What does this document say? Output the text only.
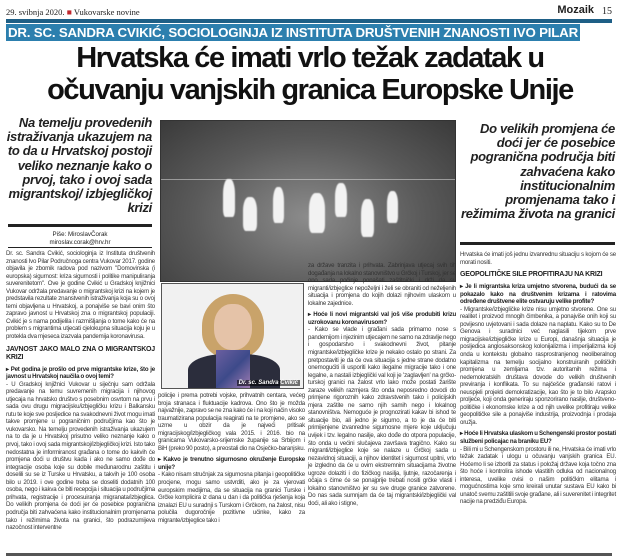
29. svibnja 2020. ■ Vukovarske novine	Mozaik 15
DR. SC. SANDRA CVIKIĆ, SOCIOLOGINJA IZ INSTITUTA DRUŠTVENIH ZNANOSTI IVO PILAR
Hrvatska će imati vrlo težak zadatak u
očuvanju vanjskih granica Europske Unije
Na temelju provedenih istraživanja ukazujem na to da u Hrvatskoj postoji veliko neznanje kako o prvoj, tako i ovoj sada migrantskoj/ izbjegličkoj krizi
Piše: MiroslavČorak
miroslav.corak@hrv.hr
Dr. sc. Sandra Cvikić
Do velikih promjena će doći jer će posebice pogranična područja biti zahvaćena kako institucionalnim promjenama tako i režimima života na granici

Dr. sc. Sandra Cvikić, sociologinja iz Instituta društvenih znanosti Ivo Pilar Područnoga centra Vukovar 2017. godine objavila je zbornik radova pod nazivom "Domovinska (i europska) sigurnost: kriza sigurnosti i politike manipuliranja suverenitetom". Ove je godine Cvikić u Gradskoj knjižnici Vukovar održala predavanje o migrantskoj krizi na kojem je predstavila rezultate znanstvenih istraživanja koja su o ovoj temi objavljena u Hrvatskoj, a ponajviše se bavi onim što zapravo javnost u Hrvatskoj zna o migrantskoj populaciji. Cvikić je s nama podijelila i razmišljanja o tome kako će na problem s migrantima utjecati cjelokupna situacija koju je u protekla dva mjeseca izazvala pandemija koronavirusa.

JAVNOST JAKO MALO ZNA O MIGRANTSKOJ KRIZI

▸ Pet godina je prošlo od prve migrantske krize, što je javnost u Hrvatskoj naučila o ovoj temi?

- U Gradskoj knjižnici Vukovar u siječnju sam održala predavanje na temu suvremenih migracija i njihovog utjecaja na hrvatsko društvo s posebnim osvrtom na prvu i sada ovu drugu migracijsku/izbjegličku krizu i Balkansku rutu te koje sve posljedice na svakodnevni život mogu imati takve promjene u pograničnim područjima kao što je vukovarsko. Na temelju provedenih istraživanja ukazujem na to da je u Hrvatskoj prisutno veliko neznanje kako o prvoj, tako i ovoj sada migrantskoj/izbjegličkoj krizi. Isto tako nedostatna je informiranost građana o tome do kakvih će promjena doći u društvu kada i ako ne samo dođe do integracije osoba koje su dobile međunarodnu zaštitu i doselili su se iz Turske u Hrvatsku, a takvih je 100 osoba bilo u 2019. i ove godine treba se doseliti dodatnih 100 osoba, nego i kakva će biti recepcija i situacija u područjima prihvata, registracije i procesuiranja migranata/izbjeglica. Do velikih promjena će doći jer će posebice pogranična područja biti zahvaćena kako institucionalnim promjenama tako i režimima života na granici, što podrazumijeva nazočnost interventne

policije i prema potrebi vojske, prihvatnih centara, većeg broja stranaca i fluktuacije kadrova. Ono što je možda najvažnije, zapravo se ne zna kako će i na koji način visoko traumatizirana populacija reagirati na te promjene, ako se uzme u obzir da je najveći pritisak migracijskog/izbjegličkog vala 2015. i 2016. bio na granicama Vukovarsko-srijemske županije sa Srbijom i BiH (preko 90 posto), a preostali dio na Osječko-baranjsku.

▸ Kakvo je trenutno sigurnosno okruženje Europske unije?

- Kako nisam stručnjak za sigurnosna pitanja i geopolitičke procjene, mogu samo ustvrditi, ako je za vjerovati europskim medijima, da se situacija na granici Turske i Grčke komplicira iz dana u dan i da politička rješenja koja iznalazi EU u suradnji s Turskom i Grčkom, na žalost, nisu polučila dugoročnije pozitivne učinke, kako za migrante/izbjeglice tako i

za države tranzita i prihvata. Zabrinjava utjecaj svih tih događanja na lokalno stanovništvo u Grčkoj i Turskoj, jer se ono sada počinje ponašati zaštitnički i drži da su migranti/izbjeglice nepoželjni i želi se obraniti od neželjenih situacija i promjena do kojih dolazi njihovim ulaskom u lokalne zajednice.

▸ Hoće li novi migrantski val još više produbiti krizu uzrokovanu koronavirusom?

- Kako se vlade i građani sada primarno nose s pandemijom i njezinim utjecajem ne samo na zdravlje nego i gospodarstvo i svakodnevni život, pitanje migrantske/izbjegličke krize je nekako ostalo po strani. Za pretpostaviti je da će ova situacija s jedne strane dodatno onemogućiti ili usporiti kako ilegalne migracije tako i one legalne, a nastali izbjeglički val koji je 'zaglavljen' na grčko-turskoj granici na žalost vrlo lako može postati žarište zaraze velikih razmjera što onda neposredno dovodi do primjene rigoroznih kako zdravstvenih tako i policijskih mjera zaštite ne samo njih samih nego i lokalnog stanovništva. Nemoguće je prognozirati kakav bi ishod te situacije bio, ali jedno je sigurno, a to je da će biti primijenjene izvanredne sigurnosne mjere koje uključuju uvijek i tzv. legalno nasilje, ako dođe do otpora populacije, što onda u većini slučajeva završava tragično. Kako su migranti/izbjeglice koje se nalaze u Grčkoj sada u nezavidnoj situaciji, a njihov identitet i sigurnost upitni, vrlo je izgledno da će u ovim ekstremnim situacijama životne ugroze dolaziti i do fizičkog nasilja, ljutnje, razočarenja i očaja s čime će se ponajprije trebati nositi grčke vlasti i lokalno stanovništvo jer su sve druge granice zatvorene. Do nas sada sumnjam da će taj migrantski/izbjeglički val doći, ali ako i stigne,

Hrvatska će imati još jednu izvanrednu situaciju s kojom će se morati nositi.

GEOPOLITIČKE SILE PROFITIRAJU NA KRIZI

▸ Je li migrantska kriza umjetno stvorena, budući da se pokazalo kako na društvenim krizama i ratovima određene društvene elite ostvaruju velike profite?

- Migrantske/izbjegličke krize nisu umjetno stvorene. One su realitet i proizvod mnogih čimbenika, a ponajviše onih koji su povijesno uvjetovani i sada dolaze na naplatu. Kako su to De Genova i suradnici već naglasili tijekom prve migracijske/izbjegličke krize u Europi, današnja situacija je posljedica anglosaksonskog kolonijalizma i imperijalizma koji onda u kontekstu globalno rasprostranjenog neoliberalnog kapitalizma na temelju socijalno konstruiranih političkih promjena u zemljama tzv. autoritarnih režima i nedemokratskih društava dovode do velikih društvenih previranja i konflikata. To su najčešće građanski ratovi i neuspjeli projekti demokratizacije, kao što je to bilo Arapsko proljeće, koji onda generiraju sponzorirano nasilje, društveno-političke i ekonomske krize a od njih uvelike profitiraju velike geopolitičke sile a ponajviše industrija, proizvodnja i prodaja oružja.

▸ Hoće li Hrvatska ulaskom u Schengenski prostor postati službeni policajac na braniku EU?

- Bili mi u Schengenskom prostoru ili ne, Hrvatska će imati vrlo težak zadatak i ulogu u očuvanju vanjskih granica EU. Hoćemo li se izboriti za status i položaj države koja točno zna što hoće i kontrolira ishode vlastitih odluka od nacionalnog interesa, uvelike ovisi o našim političkim elitama i mogućnostima koje smo kreirali unutar sustava EU kako bi unatoč svemu zaštitili svoje građane, ali i suverenitet i integritet nacije na predziđu Europa.
